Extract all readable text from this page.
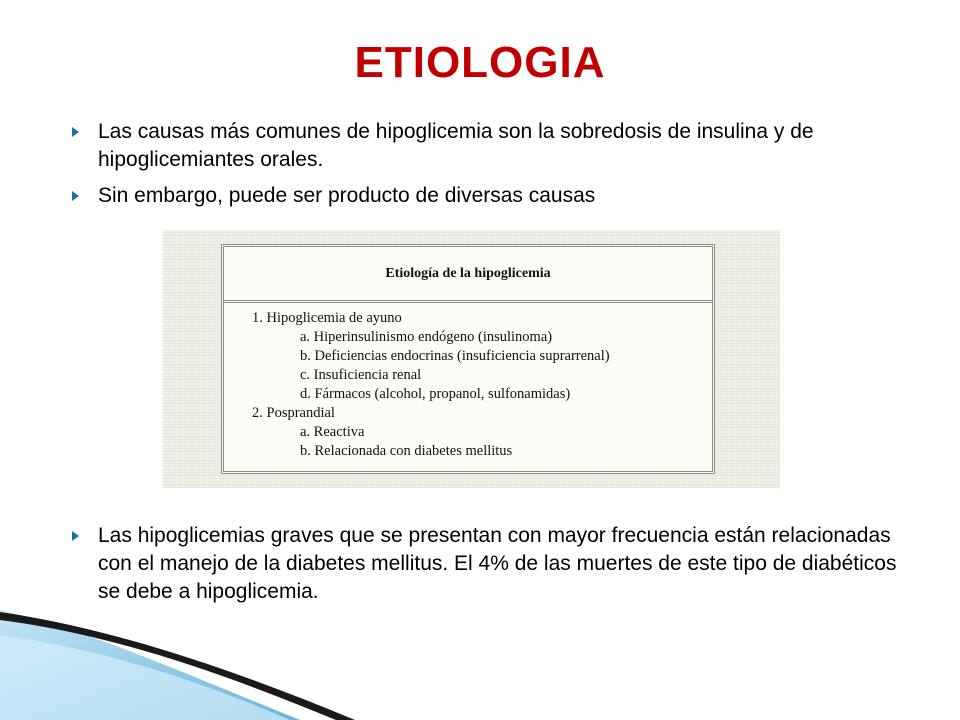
ETIOLOGIA
Las causas más comunes de hipoglicemia son la sobredosis de insulina y de hipoglicemiantes orales.
Sin embargo, puede ser producto de diversas causas
Etiología de la hipoglicemia
1. Hipoglicemia de ayuno
a. Hiperinsulinismo endógeno (insulinoma)
b. Deficiencias endocrinas (insuficiencia suprarrenal)
c. Insuficiencia renal
d. Fármacos (alcohol, propanol, sulfonamidas)
2. Posprandial
a. Reactiva
b. Relacionada con diabetes mellitus
Las hipoglicemias graves que se presentan con mayor frecuencia están relacionadas con el manejo de la diabetes mellitus. El 4% de las muertes de este tipo de diabéticos se debe a hipoglicemia.
